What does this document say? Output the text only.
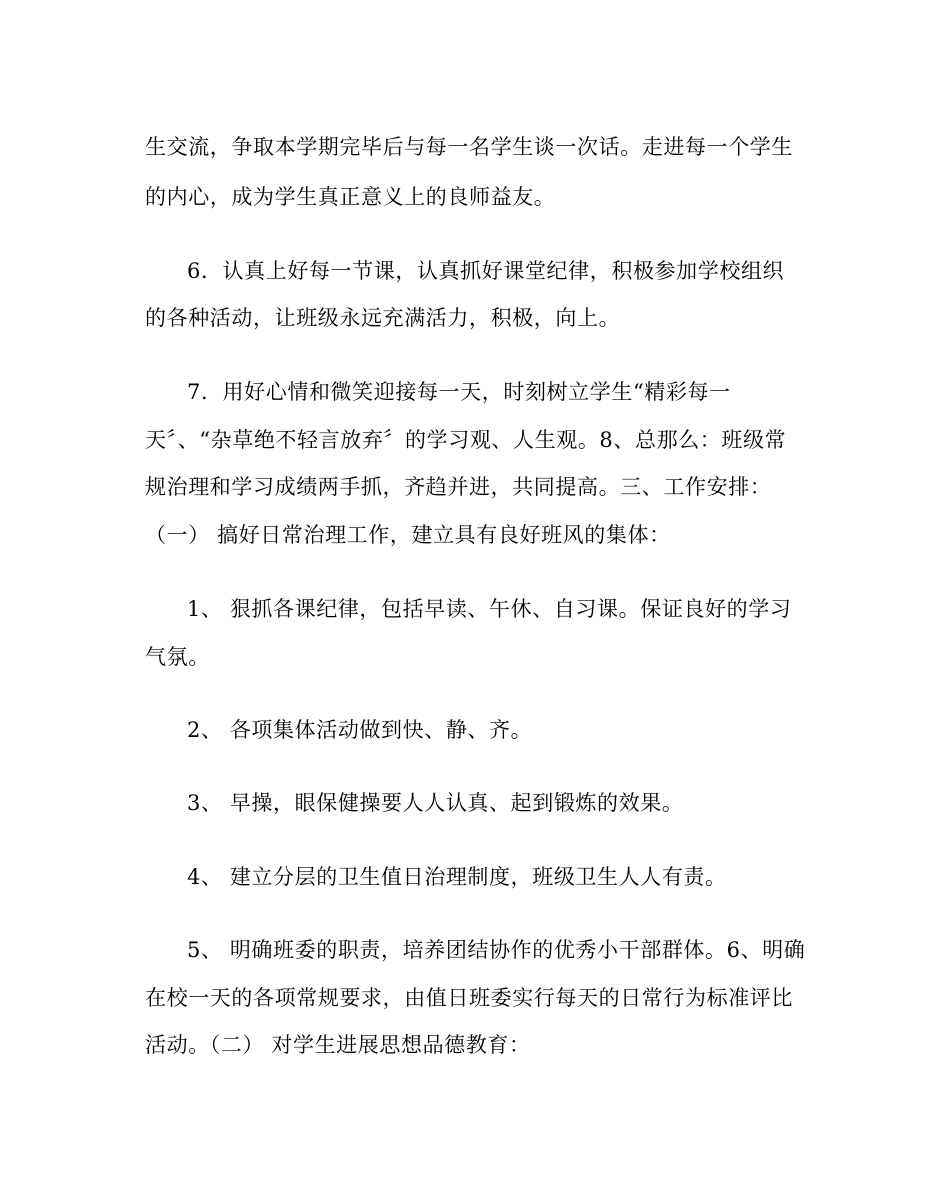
生交流，争取本学期完毕后与每一名学生谈一次话。走进每一个学生
的内心，成为学生真正意义上的良师益友。
6．认真上好每一节课，认真抓好课堂纪律，积极参加学校组织
的各种活动，让班级永远充满活力，积极，向上。
7．用好心情和微笑迎接每一天，时刻树立学生“精彩每一
天〞、“杂草绝不轻言放弃〞的学习观、人生观。8、总那么：班级常
规治理和学习成绩两手抓，齐趋并进，共同提高。三、工作安排：
（一） 搞好日常治理工作，建立具有良好班风的集体：
1、 狠抓各课纪律，包括早读、午休、自习课。保证良好的学习
气氛。
2、 各项集体活动做到快、静、齐。
3、 早操，眼保健操要人人认真、起到锻炼的效果。
4、 建立分层的卫生值日治理制度，班级卫生人人有责。
5、 明确班委的职责，培养团结协作的优秀小干部群体。6、明确
在校一天的各项常规要求，由值日班委实行每天的日常行为标准评比
活动。（二） 对学生进展思想品德教育：
